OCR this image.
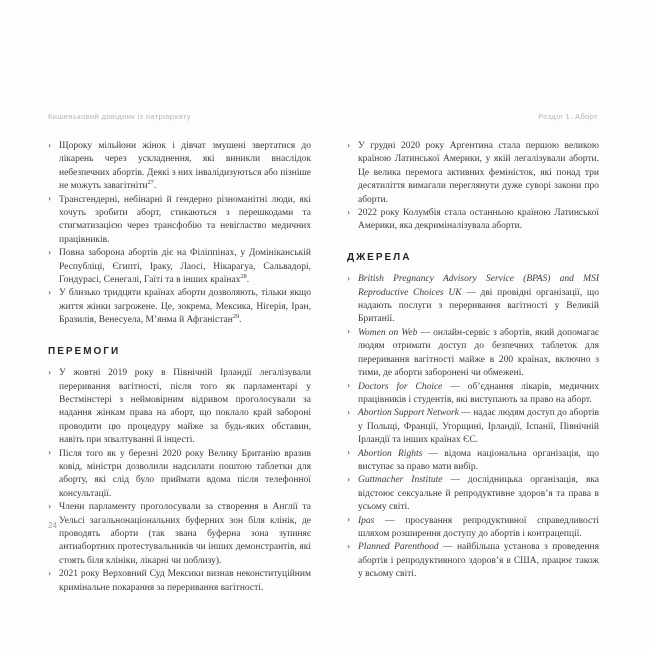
Кишеньковий довідник із патріархату	Розділ 1. Аборт
› Щороку мільйони жінок і дівчат змушені звертатися до лікарень через ускладнення, які виникли внаслідок небезпечних абортів. Деякі з них інвалідизуються або пізніше не можуть завагітніти$^{27}$.
› Трансгендерні, небінарні й гендерно різноманітні люди, які хочуть зробити аборт, стикаються з перешкодами та стигматизацією через трансфобію та невігластво медичних працівників.
› Повна заборона абортів діє на Філіппінах, у Домініканській Республіці, Єгипті, Іраку, Лаосі, Нікарагуа, Сальвадорі, Гондурасі, Сенегалі, Гаїті та в інших країнах$^{28}$.
› У близько тридцяти країнах аборти дозволяють, тільки якщо життя жінки загрожене. Це, зокрема, Мексика, Нігерія, Іран, Бразилія, Венесуела, М’янма й Афганістан$^{29}$.
ПЕРЕМОГИ
› У жовтні 2019 року в Північній Ірландії легалізували переривання вагітності, після того як парламентарі у Вестмінстері з неймовірним відривом проголосували за надання жінкам права на аборт, що поклало край забороні проводити цю процедуру майже за будь-яких обставин, навіть при зґвалтуванні й інцесті.
› Після того як у березні 2020 року Велику Британію вразив ковід, міністри дозволили надсилати поштою таблетки для аборту, які слід було приймати вдома після телефонної консультації.
› Члени парламенту проголосували за створення в Англії та Уельсі загальнонаціональних буферних зон біля клінік, де проводять аборти (так звана буферна зона зупиняє антиабортних протестувальників чи інших демонстрантів, які стоять біля клініки, лікарні чи поблизу).
› 2021 року Верховний Суд Мексики визнав неконституційним кримінальне покарання за переривання вагітності.
› У грудні 2020 року Аргентина стала першою великою країною Латинської Америки, у якій легалізували аборти. Це велика перемога активних феміністок, які понад три десятиліття вимагали переглянути дуже суворі закони про аборти.
› 2022 року Колумбія стала останньою країною Латинської Америки, яка декриміналізувала аборти.
ДЖЕРЕЛА
› British Pregnancy Advisory Service (BPAS) and MSI Reproductive Choices UK — дві провідні організації, що надають послуги з переривання вагітності у Великій Британії.
› Women on Web — онлайн-сервіс з абортів, який допомагає людям отримати доступ до безпечних таблеток для переривання вагітності майже в 200 країнах, включно з тими, де аборти заборонені чи обмежені.
› Doctors for Choice — об’єднання лікарів, медичних працівників і студентів, які виступають за право на аборт.
› Abortion Support Network — надає людям доступ до абортів у Польщі, Франції, Угорщині, Ірландії, Іспанії, Північній Ірландії та інших країнах ЄС.
› Abortion Rights — відома національна організація, що виступає за право мати вибір.
› Guttmacher Institute — дослідницька організація, яка відстоює сексуальне й репродуктивне здоров’я та права в усьому світі.
› Ipas — просування репродуктивної справедливості шляхом розширення доступу до абортів і контрацепції.
› Planned Parenthood — найбільша установа з проведення абортів і репродуктивного здоров’я в США, працює також у всьому світі.
24
